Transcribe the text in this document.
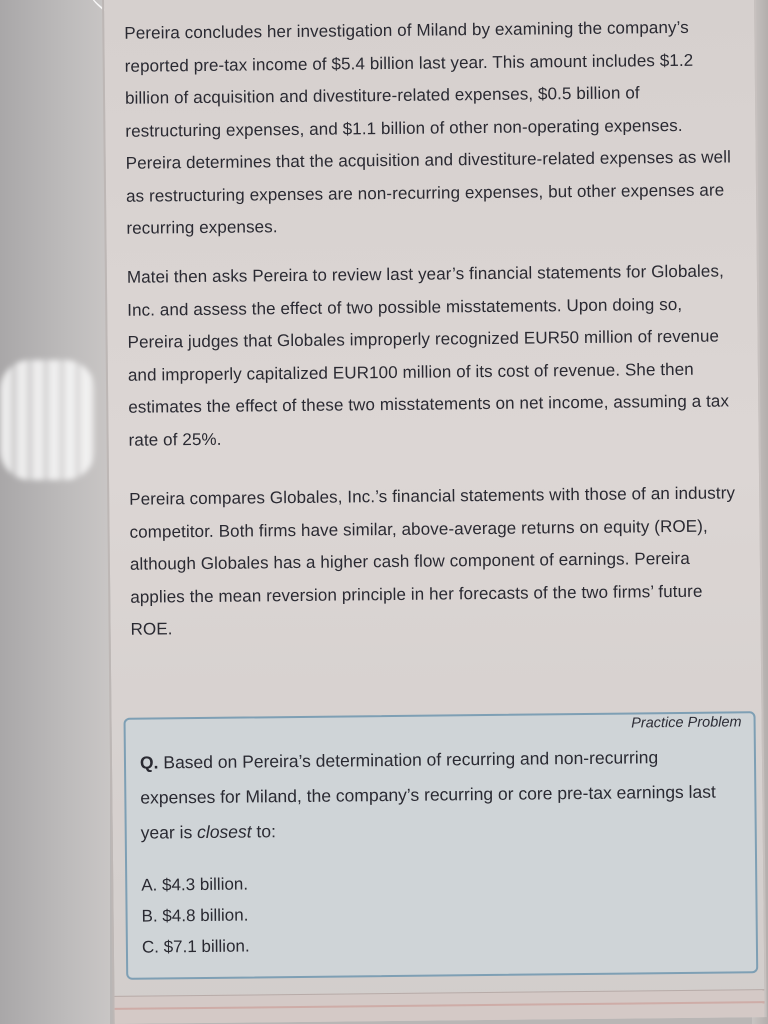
Pereira concludes her investigation of Miland by examining the company’s reported pre-tax income of $5.4 billion last year. This amount includes $1.2 billion of acquisition and divestiture-related expenses, $0.5 billion of restructuring expenses, and $1.1 billion of other non-operating expenses. Pereira determines that the acquisition and divestiture-related expenses as well as restructuring expenses are non-recurring expenses, but other expenses are recurring expenses.
Matei then asks Pereira to review last year’s financial statements for Globales, Inc. and assess the effect of two possible misstatements. Upon doing so, Pereira judges that Globales improperly recognized EUR50 million of revenue and improperly capitalized EUR100 million of its cost of revenue. She then estimates the effect of these two misstatements on net income, assuming a tax rate of 25%.
Pereira compares Globales, Inc.’s financial statements with those of an industry competitor. Both firms have similar, above-average returns on equity (ROE), although Globales has a higher cash flow component of earnings. Pereira applies the mean reversion principle in her forecasts of the two firms’ future ROE.
Practice Problem
Q. Based on Pereira’s determination of recurring and non-recurring expenses for Miland, the company’s recurring or core pre-tax earnings last year is closest to:
A. $4.3 billion.
B. $4.8 billion.
C. $7.1 billion.
